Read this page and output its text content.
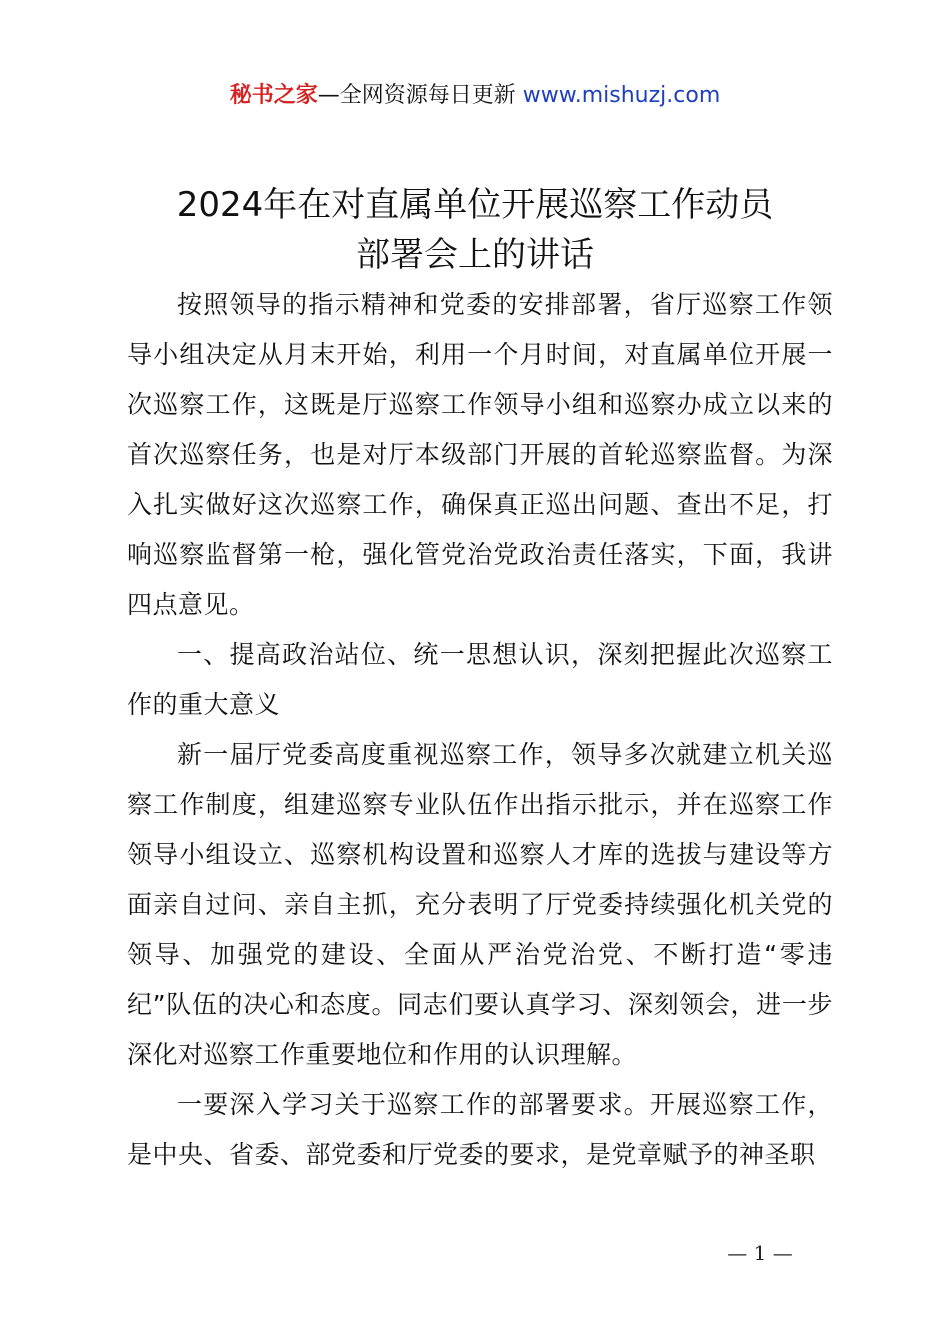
秘书之家—全网资源每日更新 www.mishuzj.com
2024年在对直属单位开展巡察工作动员
部署会上的讲话

按照领导的指示精神和党委的安排部署，省厅巡察工作领导小组决定从月末开始，利用一个月时间，对直属单位开展一次巡察工作，这既是厅巡察工作领导小组和巡察办成立以来的首次巡察任务，也是对厅本级部门开展的首轮巡察监督。为深入扎实做好这次巡察工作，确保真正巡出问题、查出不足，打响巡察监督第一枪，强化管党治党政治责任落实，下面，我讲四点意见。

一、提高政治站位、统一思想认识，深刻把握此次巡察工作的重大意义

新一届厅党委高度重视巡察工作，领导多次就建立机关巡察工作制度，组建巡察专业队伍作出指示批示，并在巡察工作领导小组设立、巡察机构设置和巡察人才库的选拔与建设等方面亲自过问、亲自主抓，充分表明了厅党委持续强化机关党的领导、加强党的建设、全面从严治党治党、不断打造“零违纪”队伍的决心和态度。同志们要认真学习、深刻领会，进一步深化对巡察工作重要地位和作用的认识理解。

一要深入学习关于巡察工作的部署要求。开展巡察工作，是中央、省委、部党委和厅党委的要求，是党章赋予的神圣职

— 1 —
